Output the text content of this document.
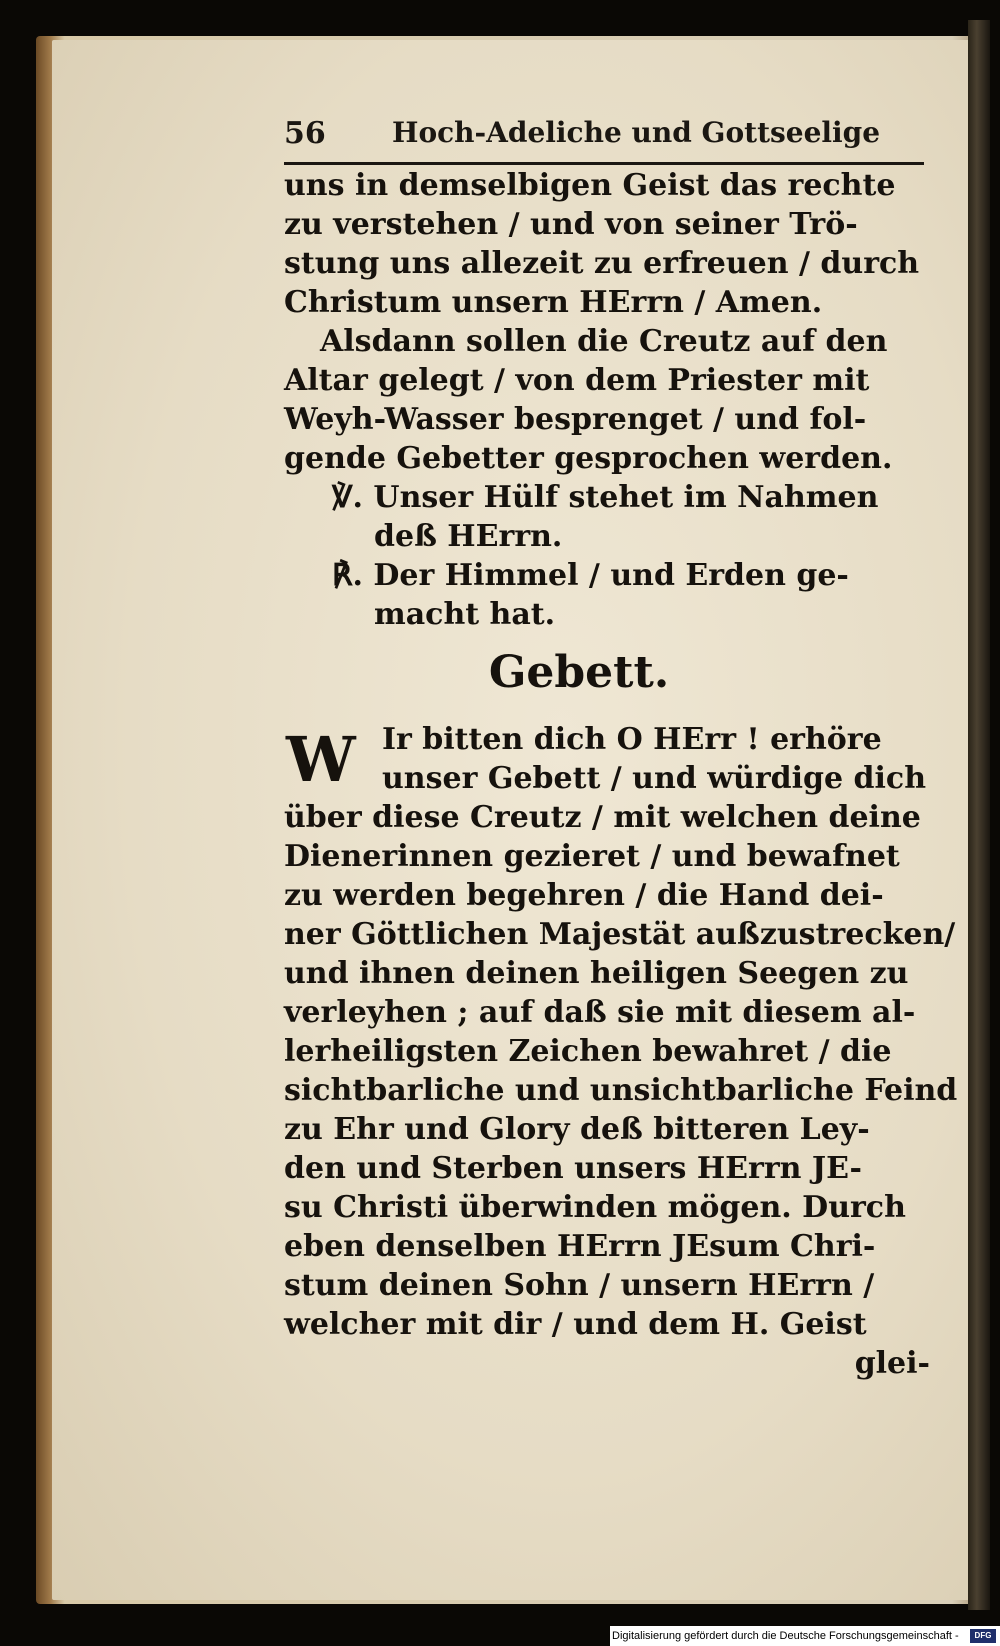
56 Hoch-Adeliche und Gottseelige
uns in demselbigen Geist das rechte
zu verstehen / und von seiner Trö-
stung uns allezeit zu erfreuen / durch
Christum unsern HErrn / Amen.
Alsdann sollen die Creutz auf den
Altar gelegt / von dem Priester mit
Weyh-Wasser besprenget / und fol-
gende Gebetter gesprochen werden.
℣. Unser Hülf stehet im Nahmen
deß HErrn.
℟. Der Himmel / und Erden ge-
macht hat.
Gebett.
W Ir bitten dich O HErr ! erhöre
unser Gebett / und würdige dich
über diese Creutz / mit welchen deine
Dienerinnen gezieret / und bewafnet
zu werden begehren / die Hand dei-
ner Göttlichen Majestät außzustrecken/
und ihnen deinen heiligen Seegen zu
verleyhen ; auf daß sie mit diesem al-
lerheiligsten Zeichen bewahret / die
sichtbarliche und unsichtbarliche Feind
zu Ehr und Glory deß bitteren Ley-
den und Sterben unsers HErrn JE-
su Christi überwinden mögen. Durch
eben denselben HErrn JEsum Chri-
stum deinen Sohn / unsern HErrn /
welcher mit dir / und dem H. Geist
glei-
Digitalisierung gefördert durch die Deutsche Forschungsgemeinschaft -	DFG
